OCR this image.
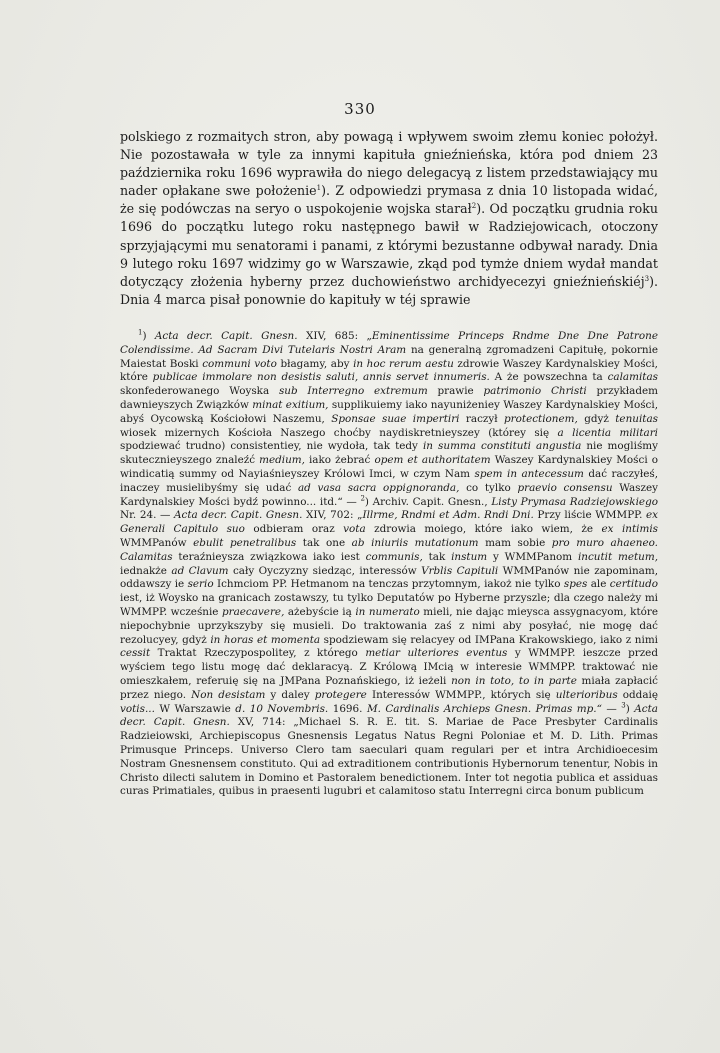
330

polskiego z rozmaitych stron, aby powagą i wpływem swoim złemu koniec położył. Nie pozostawała w tyle za innymi kapituła gnieźnieńska, która pod dniem 23 października roku 1696 wyprawiła do niego delegacyą z listem przedstawiający mu nader opłakane swe położenie$^1$). Z odpowiedzi prymasa z dnia 10 listopada widać, że się podówczas na seryo o uspokojenie wojska starał$^2$). Od początku grudnia roku 1696 do początku lutego roku następnego bawił w Radziejowicach, otoczony sprzyjającymi mu senatorami i panami, z którymi bezustanne odbywał narady. Dnia 9 lutego roku 1697 widzimy go w Warszawie, zkąd pod tymże dniem wydał mandat dotyczący złożenia hyberny przez duchowieństwo archidyecezyi gnieźnieńskiéj$^3$). Dnia 4 marca pisał ponownie do kapituły w téj sprawie

$^1$) Acta decr. Capit. Gnesn. XIV, 685: „Eminentissime Princeps Rndme Dne Dne Patrone Colendissime. Ad Sacram Divi Tutelaris Nostri Aram na generalną zgromadzeni Capitułę, pokornie Maiestat Boski communi voto błagamy, aby in hoc rerum aestu zdrowie Waszey Kardynalskiey Mości, które publicae immolare non desistis saluti, annis servet innumeris. A że powszechna ta calamitas skonfederowanego Woyska sub Interregno extremum prawie patrimonio Christi przykładem dawnieyszych Związków minat exitium, supplikuiemy iako nayuniżeniey Waszey Kardynalskiey Mości, abyś Oycowską Kościołowi Naszemu, Sponsae suae impertiri raczył protectionem, gdyż tenuitas wiosek mizernych Kościoła Naszego choćby naydiskretnieyszey (którey się a licentia militari spodziewać trudno) consistentiey, nie wydoła, tak tedy in summa constituti angustia nie mogliśmy skutecznieyszego znaleźć medium, iako żebrać opem et authoritatem Waszey Kardynalskiey Mości o windicatią summy od Nayiaśnieyszey Królowi Imci, w czym Nam spem in antecessum dać raczyłeś, inaczey musielibyśmy się udać ad vasa sacra oppignoranda, co tylko praevio consensu Waszey Kardynalskiey Mości bydź powinno... itd.“ — $^2$) Archiv. Capit. Gnesn., Listy Prymasa Radziejowskiego Nr. 24. — Acta decr. Capit. Gnesn. XIV, 702: „Illrme, Rndmi et Adm. Rndi Dni. Przy liście WMMPP. ex Generali Capitulo suo odbieram oraz vota zdrowia moiego, które iako wiem, że ex intimis WMMPanów ebulit penetralibus tak one ab iniuriis mutationum mam sobie pro muro ahaeneo. Calamitas teraźnieysza związkowa iako iest communis, tak instum y WMMPanom incutit metum, iednakże ad Clavum cały Oyczyzny siedząc, interessów Vrblis Capituli WMMPanów nie zapominam, oddawszy ie serio Ichmciom PP. Hetmanom na tenczas przytomnym, iakoż nie tylko spes ale certitudo iest, iż Woysko na granicach zostawszy, tu tylko Deputatów po Hyberne przyszle; dla czego należy mi WMMPP. wcześnie praecavere, ażebyście ią in numerato mieli, nie dając mieysca assygnacyom, które niepochybnie uprzykszyby się musieli. Do traktowania zaś z nimi aby posyłać, nie mogę dać rezolucyey, gdyż in horas et momenta spodziewam się relacyey od IMPana Krakowskiego, iako z nimi cessit Traktat Rzeczypospolitey, z którego metiar ulteriores eventus y WMMPP. ieszcze przed wyściem tego listu mogę dać deklaracyą. Z Królową IMcią w interesie WMMPP. traktować nie omieszkałem, referuię się na JMPana Poznańskiego, iż ieżeli non in toto, to in parte miała zapłacić przez niego. Non desistam y daley protegere Interessów WMMPP., których się ulterioribus oddaię votis... W Warszawie d. 10 Novembris. 1696. M. Cardinalis Archieps Gnesn. Primas mp.“ — $^3$) Acta decr. Capit. Gnesn. XV, 714: „Michael S. R. E. tit. S. Mariae de Pace Presbyter Cardinalis Radzieiowski, Archiepiscopus Gnesnensis Legatus Natus Regni Poloniae et M. D. Lith. Primas Primusque Princeps. Universo Clero tam saeculari quam regulari per et intra Archidioecesim Nostram Gnesnensem constituto. Qui ad extraditionem contributionis Hybernorum tenentur, Nobis in Christo dilecti salutem in Domino et Pastoralem benedictionem. Inter tot negotia publica et assiduas curas Primatiales, quibus in praesenti lugubri et calamitoso statu Interregni circa bonum publicum
